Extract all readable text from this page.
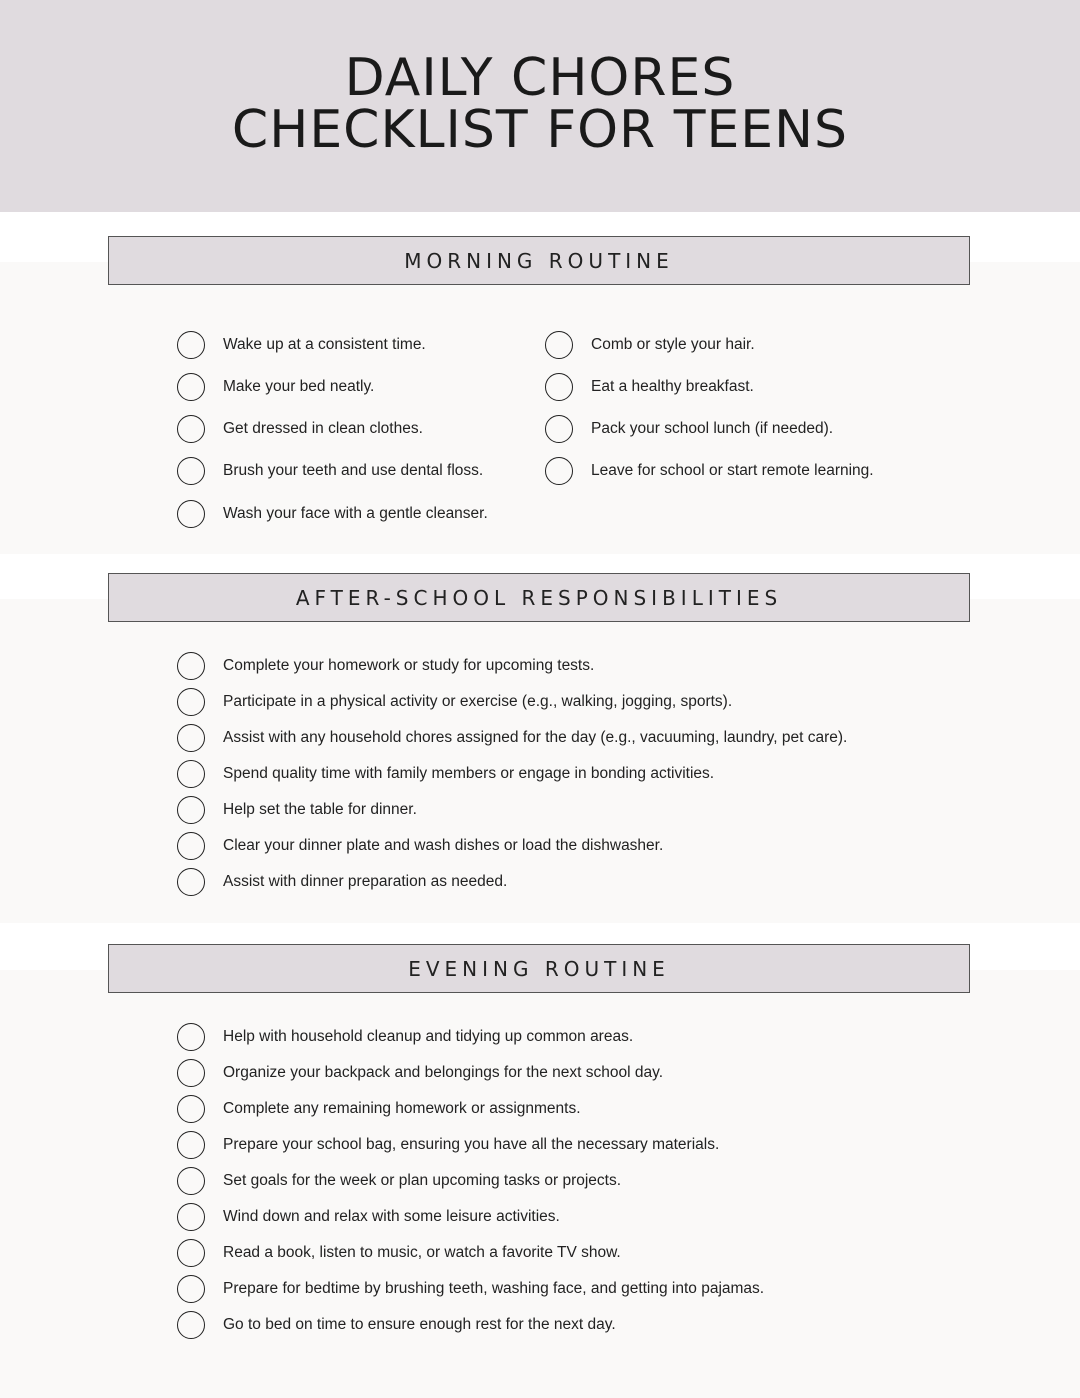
DAILY CHORES
CHECKLIST FOR TEENS
MORNING ROUTINE
Wake up at a consistent time.
Make your bed neatly.
Get dressed in clean clothes.
Brush your teeth and use dental floss.
Wash your face with a gentle cleanser.
Comb or style your hair.
Eat a healthy breakfast.
Pack your school lunch (if needed).
Leave for school or start remote learning.
AFTER-SCHOOL RESPONSIBILITIES
Complete your homework or study for upcoming tests.
Participate in a physical activity or exercise (e.g., walking, jogging, sports).
Assist with any household chores assigned for the day (e.g., vacuuming, laundry, pet care).
Spend quality time with family members or engage in bonding activities.
Help set the table for dinner.
Clear your dinner plate and wash dishes or load the dishwasher.
Assist with dinner preparation as needed.
EVENING ROUTINE
Help with household cleanup and tidying up common areas.
Organize your backpack and belongings for the next school day.
Complete any remaining homework or assignments.
Prepare your school bag, ensuring you have all the necessary materials.
Set goals for the week or plan upcoming tasks or projects.
Wind down and relax with some leisure activities.
Read a book, listen to music, or watch a favorite TV show.
Prepare for bedtime by brushing teeth, washing face, and getting into pajamas.
Go to bed on time to ensure enough rest for the next day.
